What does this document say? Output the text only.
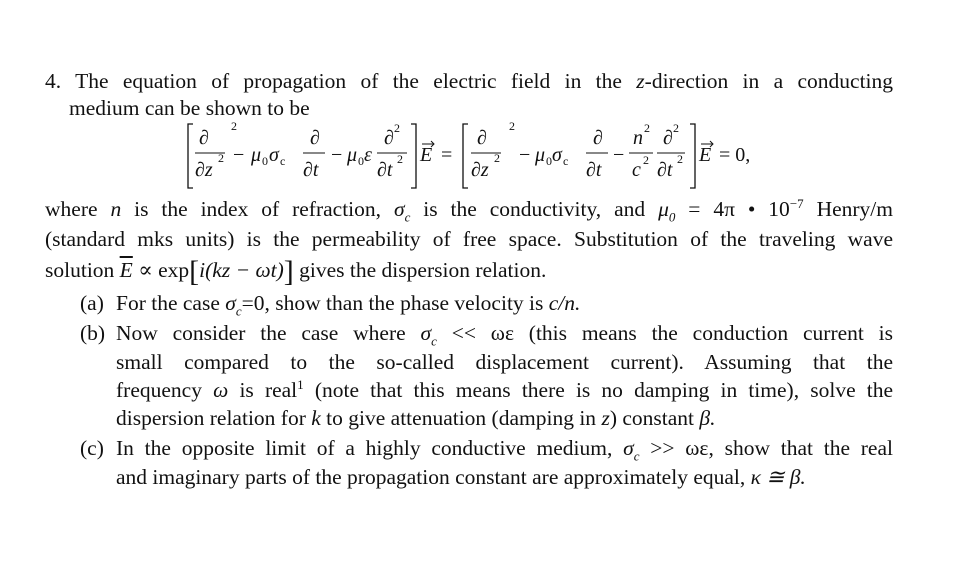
4. The equation of propagation of the electric field in the z-direction in a conducting
medium can be shown to be
∂
2
∂z
2 − μ 0 σ c
∂
∂t
− μ 0 ε
∂ 2
∂t 2 E =
∂
2
∂z
2 − μ 0 σ c
∂
∂t
−
n 2
c 2
∂ 2
∂t 2 E = 0,
where n is the index of refraction, $\sigma_c$ is the conductivity, and $\mu_0 = 4\pi$ • $10^{-7}$ Henry/m
(standard mks units) is the permeability of free space. Substitution of the traveling wave
solution $\overline{E} \propto \exp[i(kz - \omega t)]$ gives the dispersion relation.
(a) For the case $\sigma_c=0$, show than the phase velocity is c/n.
(b) Now consider the case where $\sigma_c << \omega\varepsilon$ (this means the conduction current is
small compared to the so-called displacement current). Assuming that the
frequency ω is real$^1$ (note that this means there is no damping in time), solve the
dispersion relation for k to give attenuation (damping in z) constant β.
(c) In the opposite limit of a highly conductive medium, $\sigma_c >> \omega\varepsilon$, show that the real
and imaginary parts of the propagation constant are approximately equal, κ ≅ β.
